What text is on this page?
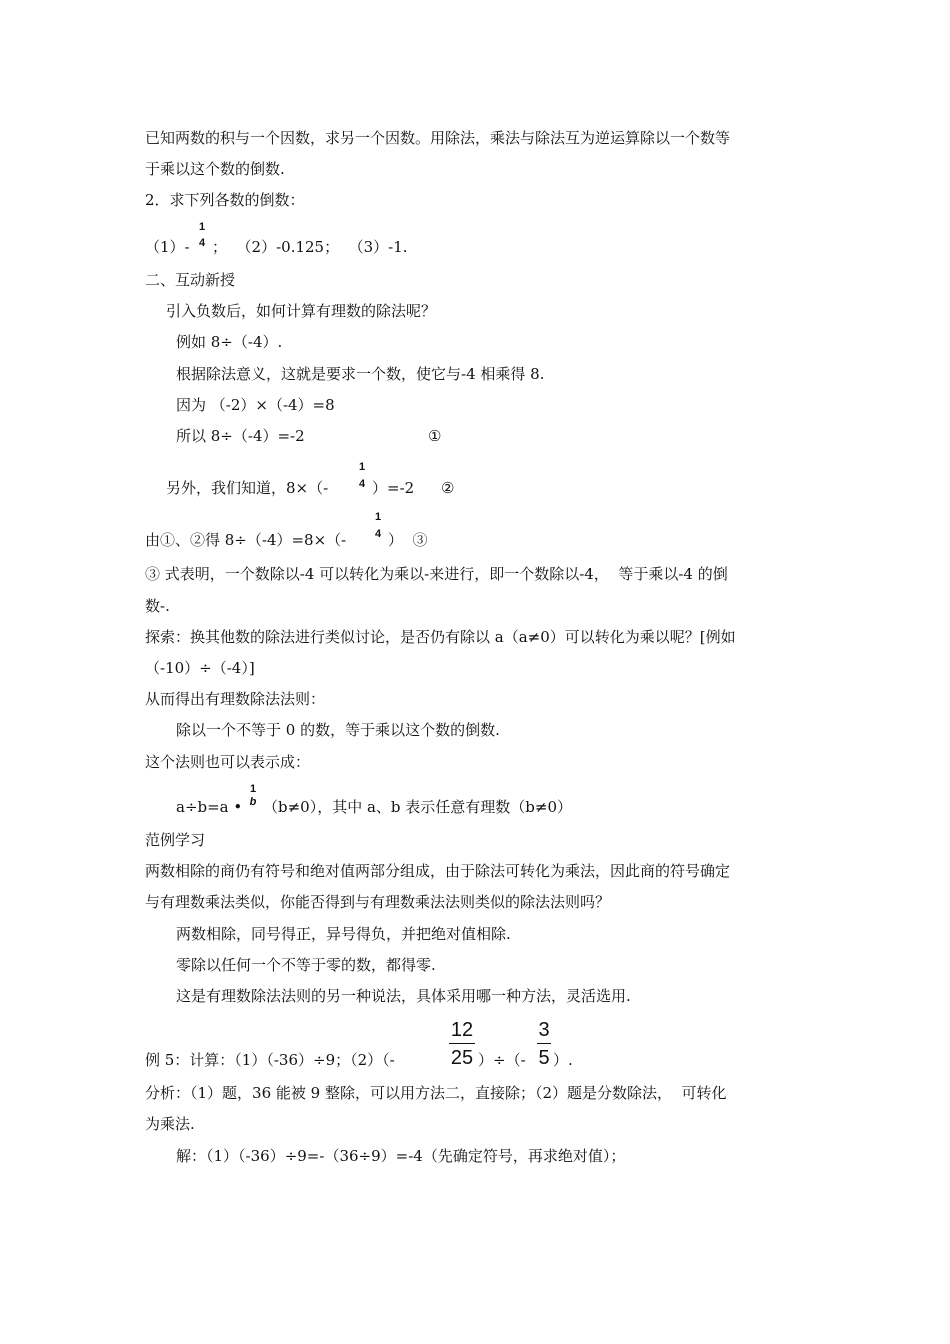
已知两数的积与一个因数，求另一个因数。用除法，乘法与除法互为逆运算除以一个数等
于乘以这个数的倒数.
2．求下列各数的倒数：
（1）-
1
4 ；  （2）-0.125；  （3）-1.
二、互动新授
引入负数后，如何计算有理数的除法呢？
例如 8÷（-4）.
根据除法意义，这就是要求一个数，使它与-4 相乘得 8.
因为 （-2）×（-4）=8
所以 8÷（-4）=-2	①
另外，我们知道，8×（-
1
4 ）=-2 ②
由①、②得 8÷（-4）=8×（-
1
4 ）  ③
③ 式表明，一个数除以-4 可以转化为乘以-来进行，即一个数除以-4，  等于乘以-4 的倒
数-.
探索：换其他数的除法进行类似讨论，是否仍有除以 a（a≠0）可以转化为乘以呢？[例如
（-10）÷（-4）]
从而得出有理数除法法则：
除以一个不等于 0 的数，等于乘以这个数的倒数.
这个法则也可以表示成：
a÷b=a •
1
b （b≠0），其中 a、b 表示任意有理数（b≠0）
范例学习
两数相除的商仍有符号和绝对值两部分组成，由于除法可转化为乘法，因此商的符号确定
与有理数乘法类似，你能否得到与有理数乘法法则类似的除法法则吗？
两数相除，同号得正，异号得负，并把绝对值相除.
零除以任何一个不等于零的数，都得零.
这是有理数除法法则的另一种说法，具体采用哪一种方法，灵活选用.
例 5：计算：（1）（-36）÷9；（2）（-
12
25 ）÷（-
3
5 ）.
分析：（1）题，36 能被 9 整除，可以用方法二，直接除；（2）题是分数除法，  可转化
为乘法.
解：（1）（-36）÷9=-（36÷9）=-4（先确定符号，再求绝对值）；
